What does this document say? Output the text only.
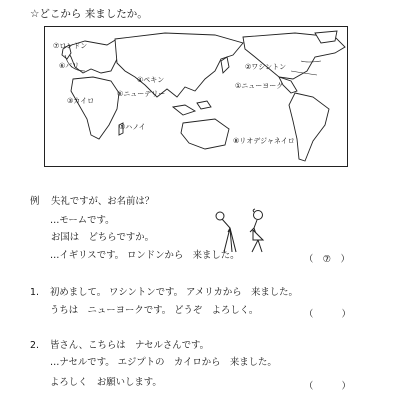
☆どこから 来ましたか。
⑦ロンドン
⑥パリ
④ペキン
⑥ニューデリー
③カイロ
⑤ハノイ
①ニューヨーク
②ワシントン
⑧リオデジャネイロ
例 失礼ですが、お名前は？
…モームです。
お国は　どちらですか。
…イギリスです。 ロンドンから　来ました。	（　⑦　）
1. 初めまして。 ワシントンです。 アメリカから　来ました。
うちは　ニューヨークです。 どうぞ　よろしく。	（　　　）
2. 皆さん、こちらは　ナセルさんです。
…ナセルです。 エジプトの　カイロから　来ました。
よろしく　お願いします。	（　　　）
